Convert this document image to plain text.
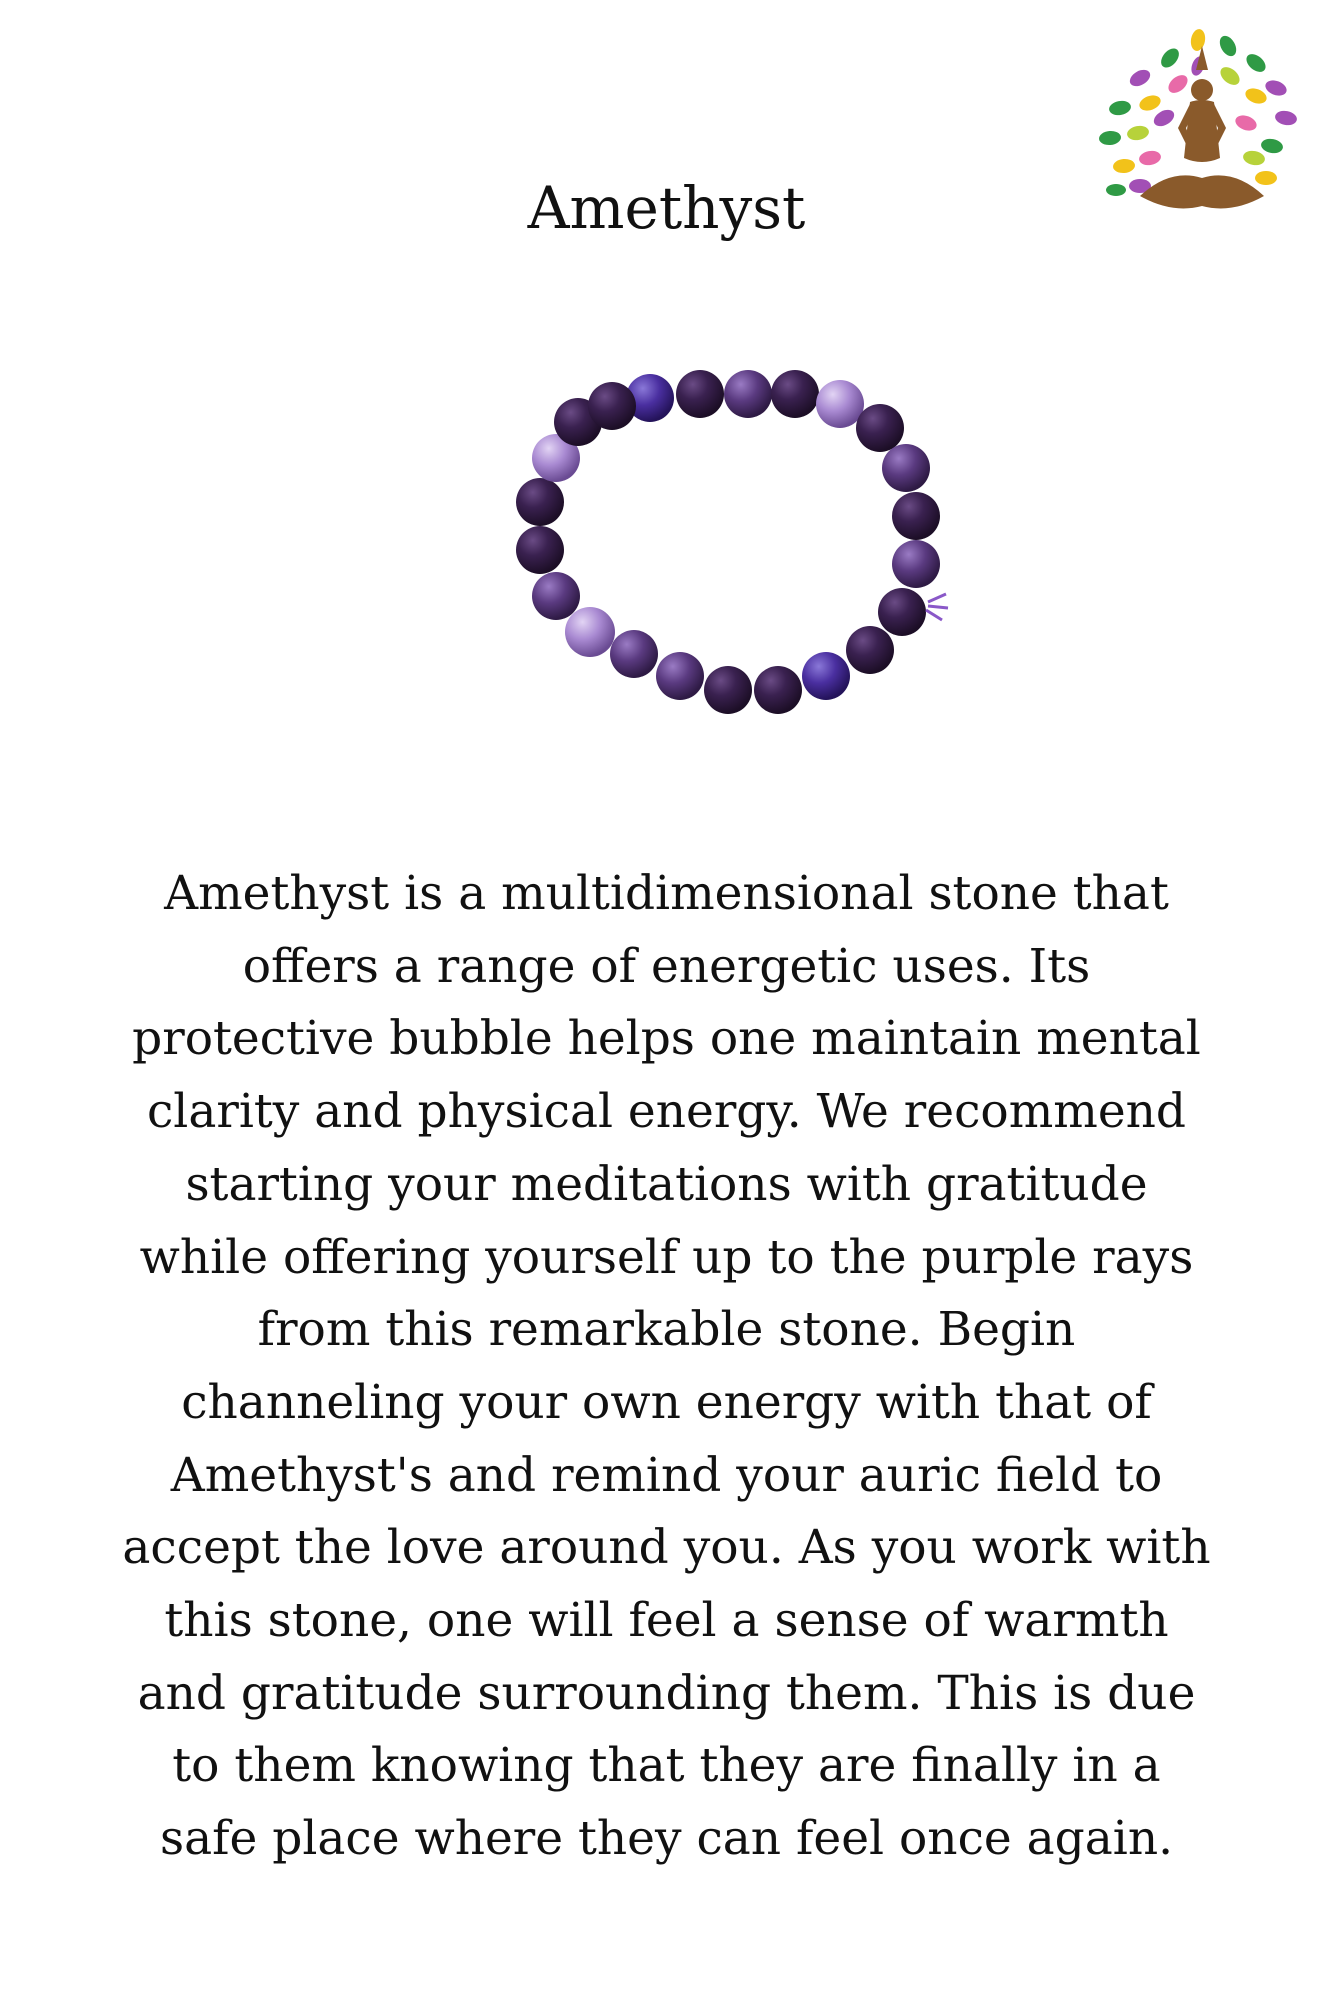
Amethyst

Amethyst is a multidimensional stone that offers a range of energetic uses. Its protective bubble helps one maintain mental clarity and physical energy. We recommend starting your meditations with gratitude while offering yourself up to the purple rays from this remarkable stone. Begin channeling your own energy with that of Amethyst's and remind your auric field to accept the love around you. As you work with this stone, one will feel a sense of warmth and gratitude surrounding them. This is due to them knowing that they are finally in a safe place where they can feel once again.
